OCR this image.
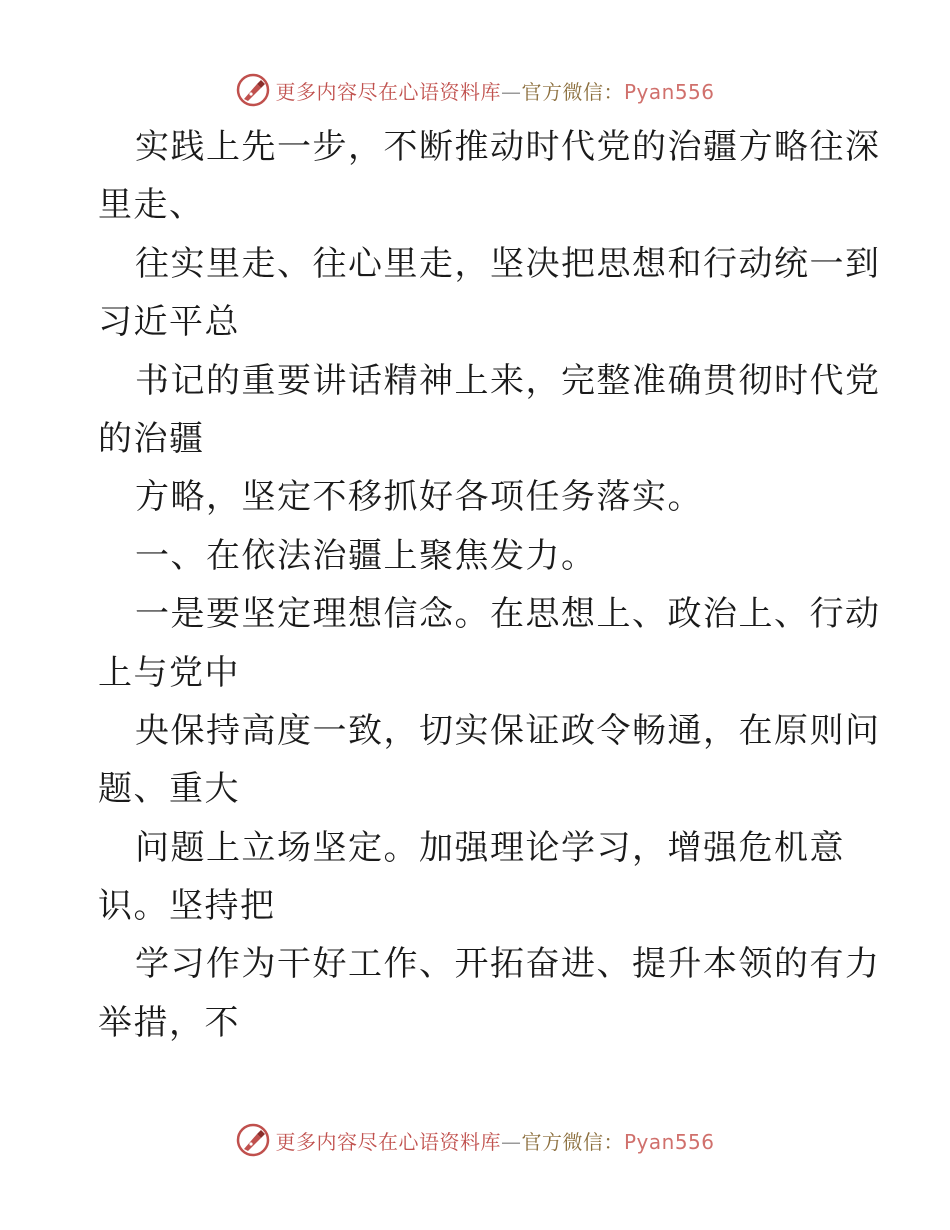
更多内容尽在心语资料库—官方微信：Pyan556
实践上先一步，不断推动时代党的治疆方略往深
里走、
往实里走、往心里走，坚决把思想和行动统一到
习近平总
书记的重要讲话精神上来，完整准确贯彻时代党
的治疆
方略，坚定不移抓好各项任务落实。
一、在依法治疆上聚焦发力。
一是要坚定理想信念。在思想上、政治上、行动
上与党中
央保持高度一致，切实保证政令畅通，在原则问
题、重大
问题上立场坚定。加强理论学习，增强危机意
识。坚持把
学习作为干好工作、开拓奋进、提升本领的有力
举措，不
更多内容尽在心语资料库—官方微信：Pyan556
